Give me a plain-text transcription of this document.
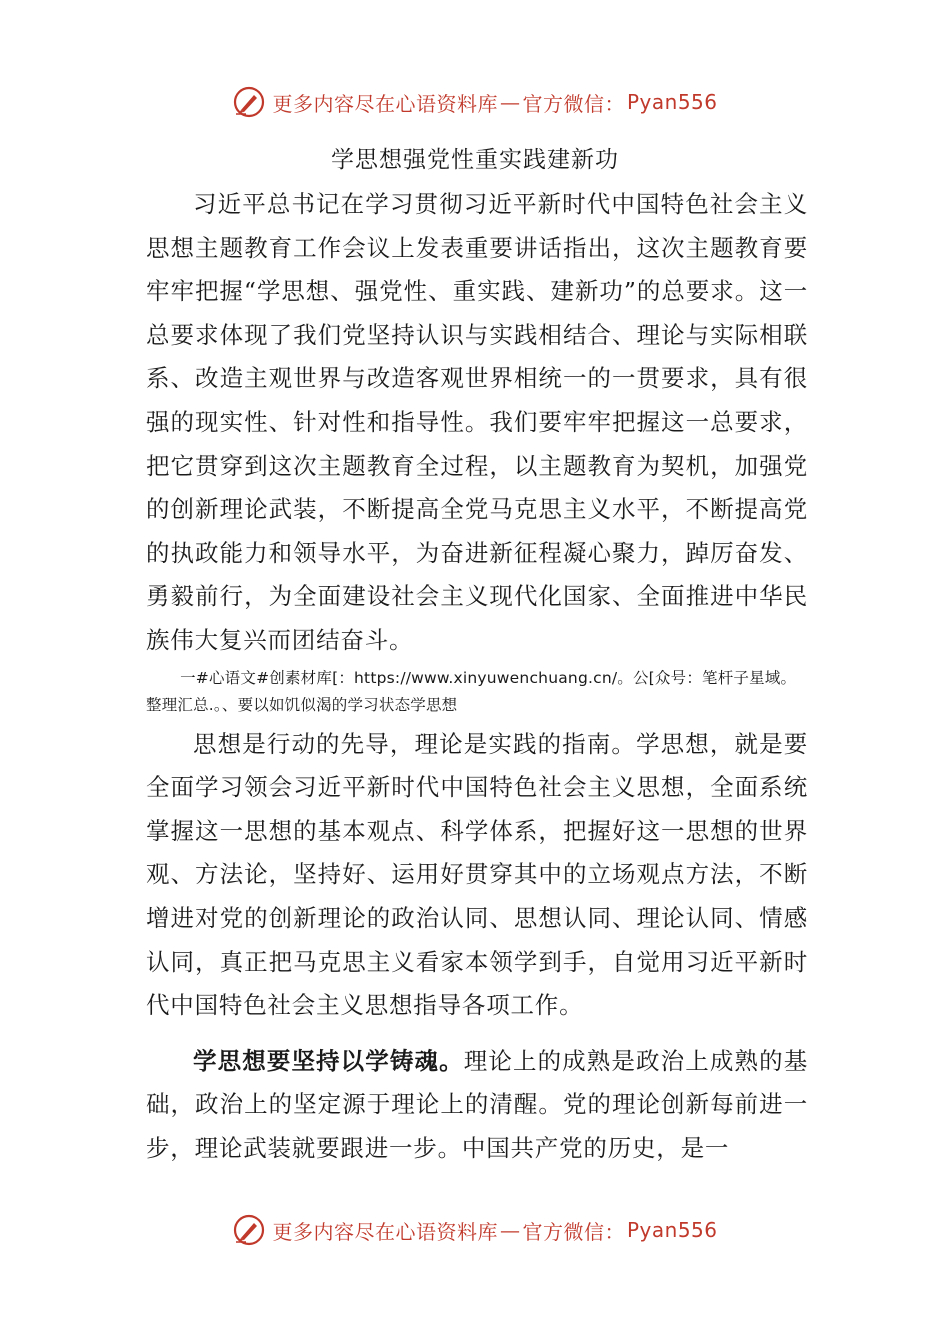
更多内容尽在心语资料库 — 官方微信： Pyan556
学思想强党性重实践建新功

习近平总书记在学习贯彻习近平新时代中国特色社会主义思想主题教育工作会议上发表重要讲话指出，这次主题教育要牢牢把握“学思想、强党性、重实践、建新功”的总要求。这一总要求体现了我们党坚持认识与实践相结合、理论与实际相联系、改造主观世界与改造客观世界相统一的一贯要求，具有很强的现实性、针对性和指导性。我们要牢牢把握这一总要求，把它贯穿到这次主题教育全过程，以主题教育为契机，加强党的创新理论武装，不断提高全党马克思主义水平，不断提高党的执政能力和领导水平，为奋进新征程凝心聚力，踔厉奋发、勇毅前行，为全面建设社会主义现代化国家、全面推进中华民族伟大复兴而团结奋斗。

一#心语文#创素材库[：https://www.xinyuwenchuang.cn/。公[众号：笔杆子星域。整理汇总.。、要以如饥似渴的学习状态学思想

思想是行动的先导，理论是实践的指南。学思想，就是要全面学习领会习近平新时代中国特色社会主义思想，全面系统掌握这一思想的基本观点、科学体系，把握好这一思想的世界观、方法论，坚持好、运用好贯穿其中的立场观点方法，不断增进对党的创新理论的政治认同、思想认同、理论认同、情感认同，真正把马克思主义看家本领学到手，自觉用习近平新时代中国特色社会主义思想指导各项工作。

学思想要坚持以学铸魂。理论上的成熟是政治上成熟的基础，政治上的坚定源于理论上的清醒。党的理论创新每前进一步，理论武装就要跟进一步。中国共产党的历史，是一

更多内容尽在心语资料库 — 官方微信： Pyan556
